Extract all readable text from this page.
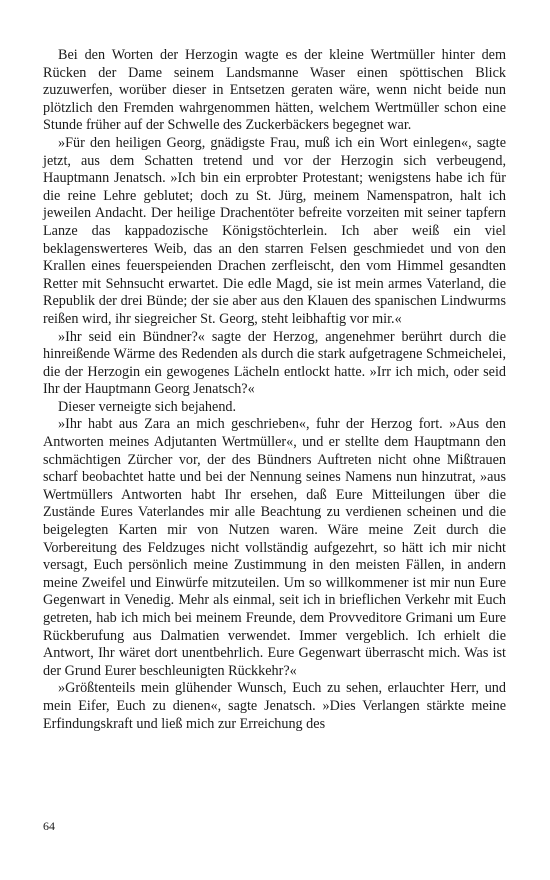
Bei den Worten der Herzogin wagte es der kleine Wertmüller hinter dem Rücken der Dame seinem Landsmanne Waser einen spöttischen Blick zuzuwerfen, worüber dieser in Entsetzen geraten wäre, wenn nicht beide nun plötzlich den Fremden wahrgenommen hätten, welchem Wertmüller schon eine Stunde früher auf der Schwelle des Zuckerbäckers begegnet war.

»Für den heiligen Georg, gnädigste Frau, muß ich ein Wort einlegen«, sagte jetzt, aus dem Schatten tretend und vor der Herzogin sich verbeugend, Hauptmann Jenatsch. »Ich bin ein erprobter Protestant; wenigstens habe ich für die reine Lehre geblutet; doch zu St. Jürg, meinem Namenspatron, halt ich jeweilen Andacht. Der heilige Drachentöter befreite vorzeiten mit seiner tapfern Lanze das kappadozische Königstöchterlein. Ich aber weiß ein viel beklagenswerteres Weib, das an den starren Felsen geschmiedet und von den Krallen eines feuerspeienden Drachen zerfleischt, den vom Himmel gesandten Retter mit Sehnsucht erwartet. Die edle Magd, sie ist mein armes Vaterland, die Republik der drei Bünde; der sie aber aus den Klauen des spanischen Lindwurms reißen wird, ihr siegreicher St. Georg, steht leibhaftig vor mir.«

»Ihr seid ein Bündner?« sagte der Herzog, angenehmer berührt durch die hinreißende Wärme des Redenden als durch die stark aufgetragene Schmeichelei, die der Herzogin ein gewogenes Lächeln entlockt hatte. »Irr ich mich, oder seid Ihr der Hauptmann Georg Jenatsch?«

Dieser verneigte sich bejahend.

»Ihr habt aus Zara an mich geschrieben«, fuhr der Herzog fort. »Aus den Antworten meines Adjutanten Wertmüller«, und er stellte dem Hauptmann den schmächtigen Zürcher vor, der des Bündners Auftreten nicht ohne Mißtrauen scharf beobachtet hatte und bei der Nennung seines Namens nun hinzutrat, »aus Wertmüllers Antworten habt Ihr ersehen, daß Eure Mitteilungen über die Zustände Eures Vaterlandes mir alle Beachtung zu verdienen scheinen und die beigelegten Karten mir von Nutzen waren. Wäre meine Zeit durch die Vorbereitung des Feldzuges nicht vollständig aufgezehrt, so hätt ich mir nicht versagt, Euch persönlich meine Zustimmung in den meisten Fällen, in andern meine Zweifel und Einwürfe mitzuteilen. Um so willkommener ist mir nun Eure Gegenwart in Venedig. Mehr als einmal, seit ich in brieflichen Verkehr mit Euch getreten, hab ich mich bei meinem Freunde, dem Provveditore Grimani um Eure Rückberufung aus Dalmatien verwendet. Immer vergeblich. Ich erhielt die Antwort, Ihr wäret dort unentbehrlich. Eure Gegenwart überrascht mich. Was ist der Grund Eurer beschleunigten Rückkehr?«

»Größtenteils mein glühender Wunsch, Euch zu sehen, erlauchter Herr, und mein Eifer, Euch zu dienen«, sagte Jenatsch. »Dies Verlangen stärkte meine Erfindungskraft und ließ mich zur Erreichung des

64
